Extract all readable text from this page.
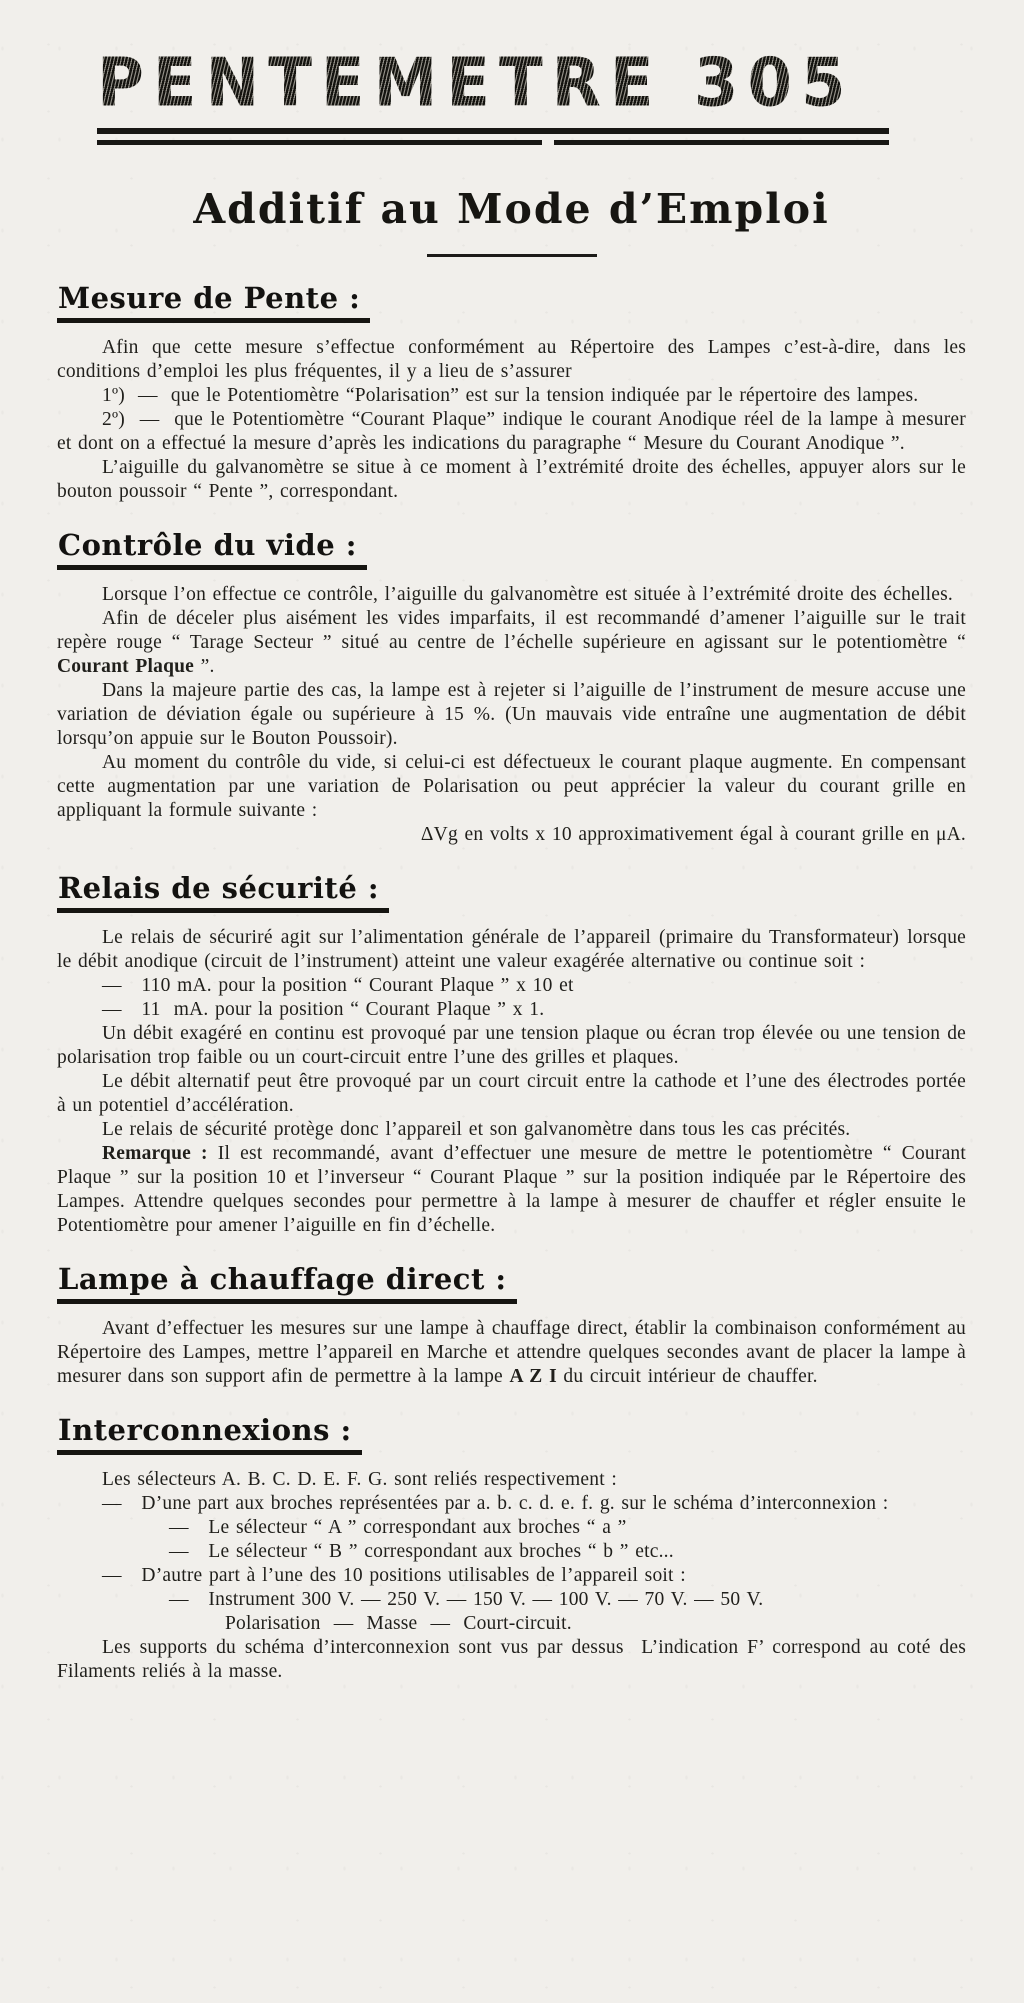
PENTEMETRE 305
Additif au Mode d’Emploi
Mesure de Pente :

Afin que cette mesure s’effectue conformément au Répertoire des Lampes c’est-à-dire, dans les conditions d’emploi les plus fréquentes, il y a lieu de s’assurer

1º)  —  que le Potentiomètre “Polarisation” est sur la tension indiquée par le répertoire des lampes.

2º)  —  que le Potentiomètre “Courant Plaque” indique le courant Anodique réel de la lampe à mesurer et dont on a effectué la mesure d’après les indications du paragraphe “ Mesure du Courant Anodique ”.

L’aiguille du galvanomètre se situe à ce moment à l’extrémité droite des échelles, appuyer alors sur le bouton poussoir “ Pente ”, correspondant.

Contrôle du vide :

Lorsque l’on effectue ce contrôle, l’aiguille du galvanomètre est située à l’extrémité droite des échelles.

Afin de déceler plus aisément les vides imparfaits, il est recommandé d’amener l’aiguille sur le trait repère rouge “ Tarage Secteur ” situé au centre de l’échelle supérieure en agissant sur le potentiomètre “ Courant Plaque ”.

Dans la majeure partie des cas, la lampe est à rejeter si l’aiguille de l’instrument de mesure accuse une variation de déviation égale ou supérieure à 15 %. (Un mauvais vide entraîne une augmentation de débit lorsqu’on appuie sur le Bouton Poussoir).

Au moment du contrôle du vide, si celui-ci est défectueux le courant plaque augmente. En compensant cette augmentation par une variation de Polarisation ou peut apprécier la valeur du courant grille en appliquant la formule suivante :

ΔVg en volts x 10 approximativement égal à courant grille en μA.

Relais de sécurité :

Le relais de sécuriré agit sur l’alimentation générale de l’appareil (primaire du Transformateur) lorsque le débit anodique (circuit de l’instrument) atteint une valeur exagérée alternative ou continue soit :

—   110 mA. pour la position “ Courant Plaque ” x 10 et

—   11  mA. pour la position “ Courant Plaque ” x 1.

Un débit exagéré en continu est provoqué par une tension plaque ou écran trop élevée ou une tension de polarisation trop faible ou un court-circuit entre l’une des grilles et plaques.

Le débit alternatif peut être provoqué par un court circuit entre la cathode et l’une des électrodes portée à un potentiel d’accélération.

Le relais de sécurité protège donc l’appareil et son galvanomètre dans tous les cas précités.

Remarque : Il est recommandé, avant d’effectuer une mesure de mettre le potentiomètre “ Courant Plaque ” sur la position 10 et l’inverseur “ Courant Plaque ” sur la position indiquée par le Répertoire des Lampes. Attendre quelques secondes pour permettre à la lampe à mesurer de chauffer et régler ensuite le Potentiomètre pour amener l’aiguille en fin d’échelle.

Lampe à chauffage direct :

Avant d’effectuer les mesures sur une lampe à chauffage direct, établir la combinaison conformément au Répertoire des Lampes, mettre l’appareil en Marche et attendre quelques secondes avant de placer la lampe à mesurer dans son support afin de permettre à la lampe A Z I du circuit intérieur de chauffer.

Interconnexions :

Les sélecteurs A. B. C. D. E. F. G. sont reliés respectivement :

—   D’une part aux broches représentées par a. b. c. d. e. f. g. sur le schéma d’interconnexion :

—   Le sélecteur “ A ” correspondant aux broches “ a ”

—   Le sélecteur “ B ” correspondant aux broches “ b ” etc...

—   D’autre part à l’une des 10 positions utilisables de l’appareil soit :

—   Instrument 300 V. — 250 V. — 150 V. — 100 V. — 70 V. — 50 V.

Polarisation  —  Masse  —  Court-circuit.

Les supports du schéma d’interconnexion sont vus par dessus  L’indication F’ correspond au coté des Filaments reliés à la masse.
